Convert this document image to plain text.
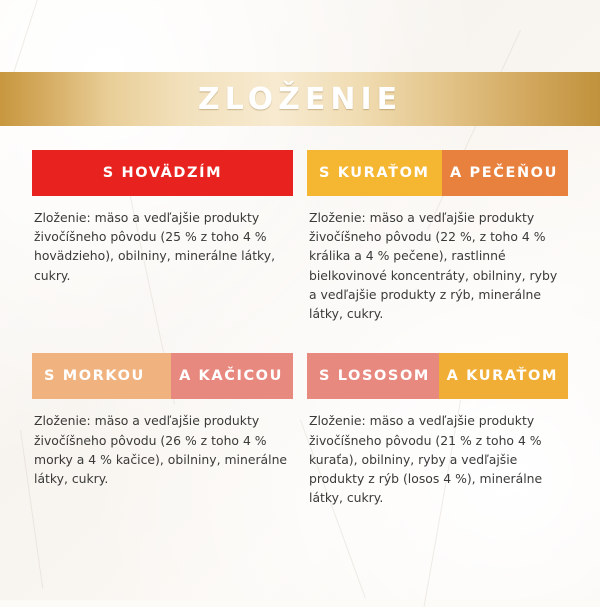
ZLOŽENIE
S HOVÄDZÍM
Zloženie: mäso a vedľajšie produkty živočíšneho pôvodu (25 % z toho 4 % hovädzieho), obilniny, minerálne látky, cukry.
S KURAŤOM	A PEČEŇOU
Zloženie: mäso a vedľajšie produkty živočíšneho pôvodu (22 %, z toho 4 % králika a 4 % pečene), rastlinné bielkovinové koncentráty, obilniny, ryby a vedľajšie produkty z rýb, minerálne látky, cukry.
S MORKOU	A KAČICOU
Zloženie: mäso a vedľajšie produkty živočíšneho pôvodu (26 % z toho 4 % morky a 4 % kačice), obilniny, minerálne látky, cukry.
S LOSOSOM	A KURAŤOM
Zloženie: mäso a vedľajšie produkty živočíšneho pôvodu (21 % z toho 4 % kuraťa), obilniny, ryby a vedľajšie produkty z rýb (losos 4 %), minerálne látky, cukry.
